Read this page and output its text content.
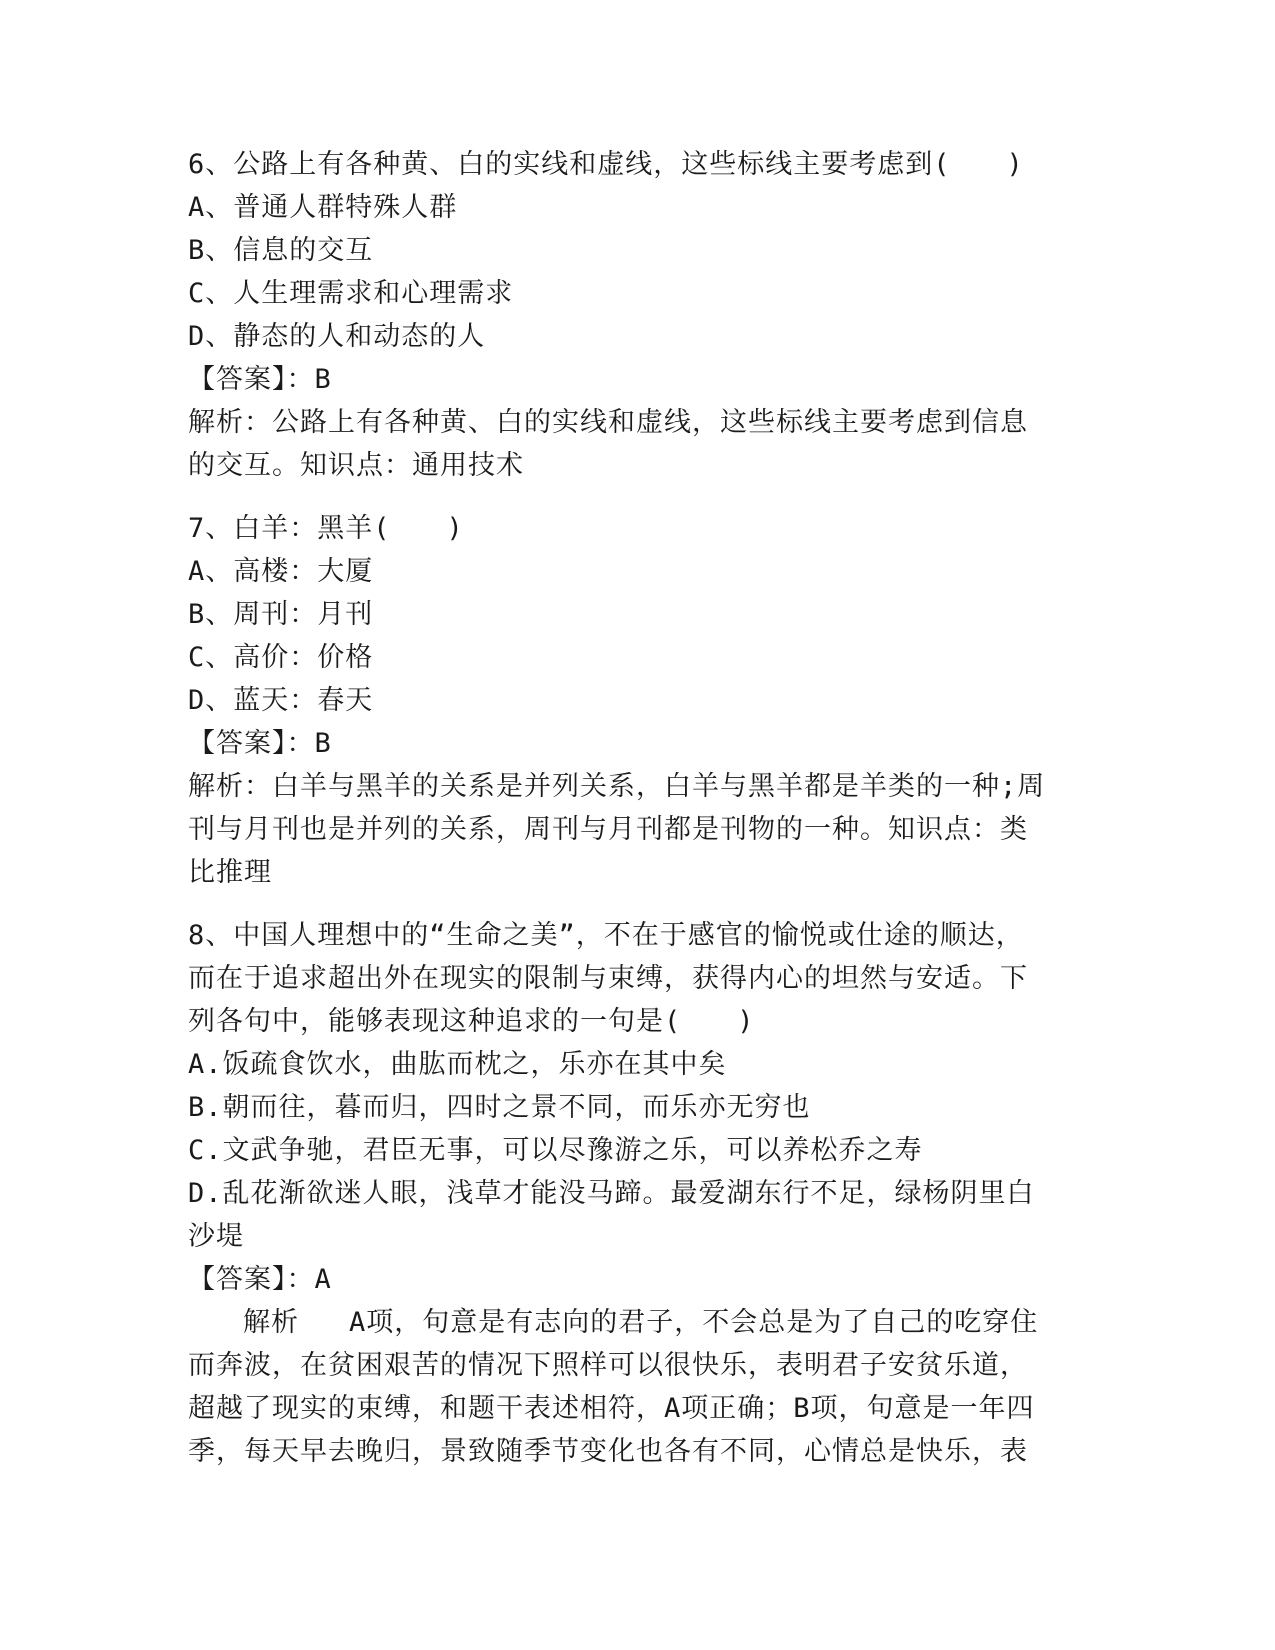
6、公路上有各种黄、白的实线和虚线，这些标线主要考虑到(　　)
A、普通人群特殊人群
B、信息的交互
C、人生理需求和心理需求
D、静态的人和动态的人
【答案】：B
解析：公路上有各种黄、白的实线和虚线，这些标线主要考虑到信息
的交互。知识点：通用技术
7、白羊：黑羊(　　)
A、高楼：大厦
B、周刊：月刊
C、高价：价格
D、蓝天：春天
【答案】：B
解析：白羊与黑羊的关系是并列关系，白羊与黑羊都是羊类的一种;周
刊与月刊也是并列的关系，周刊与月刊都是刊物的一种。知识点：类
比推理
8、中国人理想中的“生命之美”，不在于感官的愉悦或仕途的顺达，
而在于追求超出外在现实的限制与束缚，获得内心的坦然与安适。下
列各句中，能够表现这种追求的一句是(　　)
A.饭疏食饮水，曲肱而枕之，乐亦在其中矣
B.朝而往，暮而归，四时之景不同，而乐亦无穷也
C.文武争驰，君臣无事，可以尽豫游之乐，可以养松乔之寿
D.乱花渐欲迷人眼，浅草才能没马蹄。最爱湖东行不足，绿杨阴里白
沙堤
【答案】：A
解析 A项，句意是有志向的君子，不会总是为了自己的吃穿住
而奔波，在贫困艰苦的情况下照样可以很快乐，表明君子安贫乐道，
超越了现实的束缚，和题干表述相符，A项正确；B项，句意是一年四
季，每天早去晚归，景致随季节变化也各有不同，心情总是快乐，表
